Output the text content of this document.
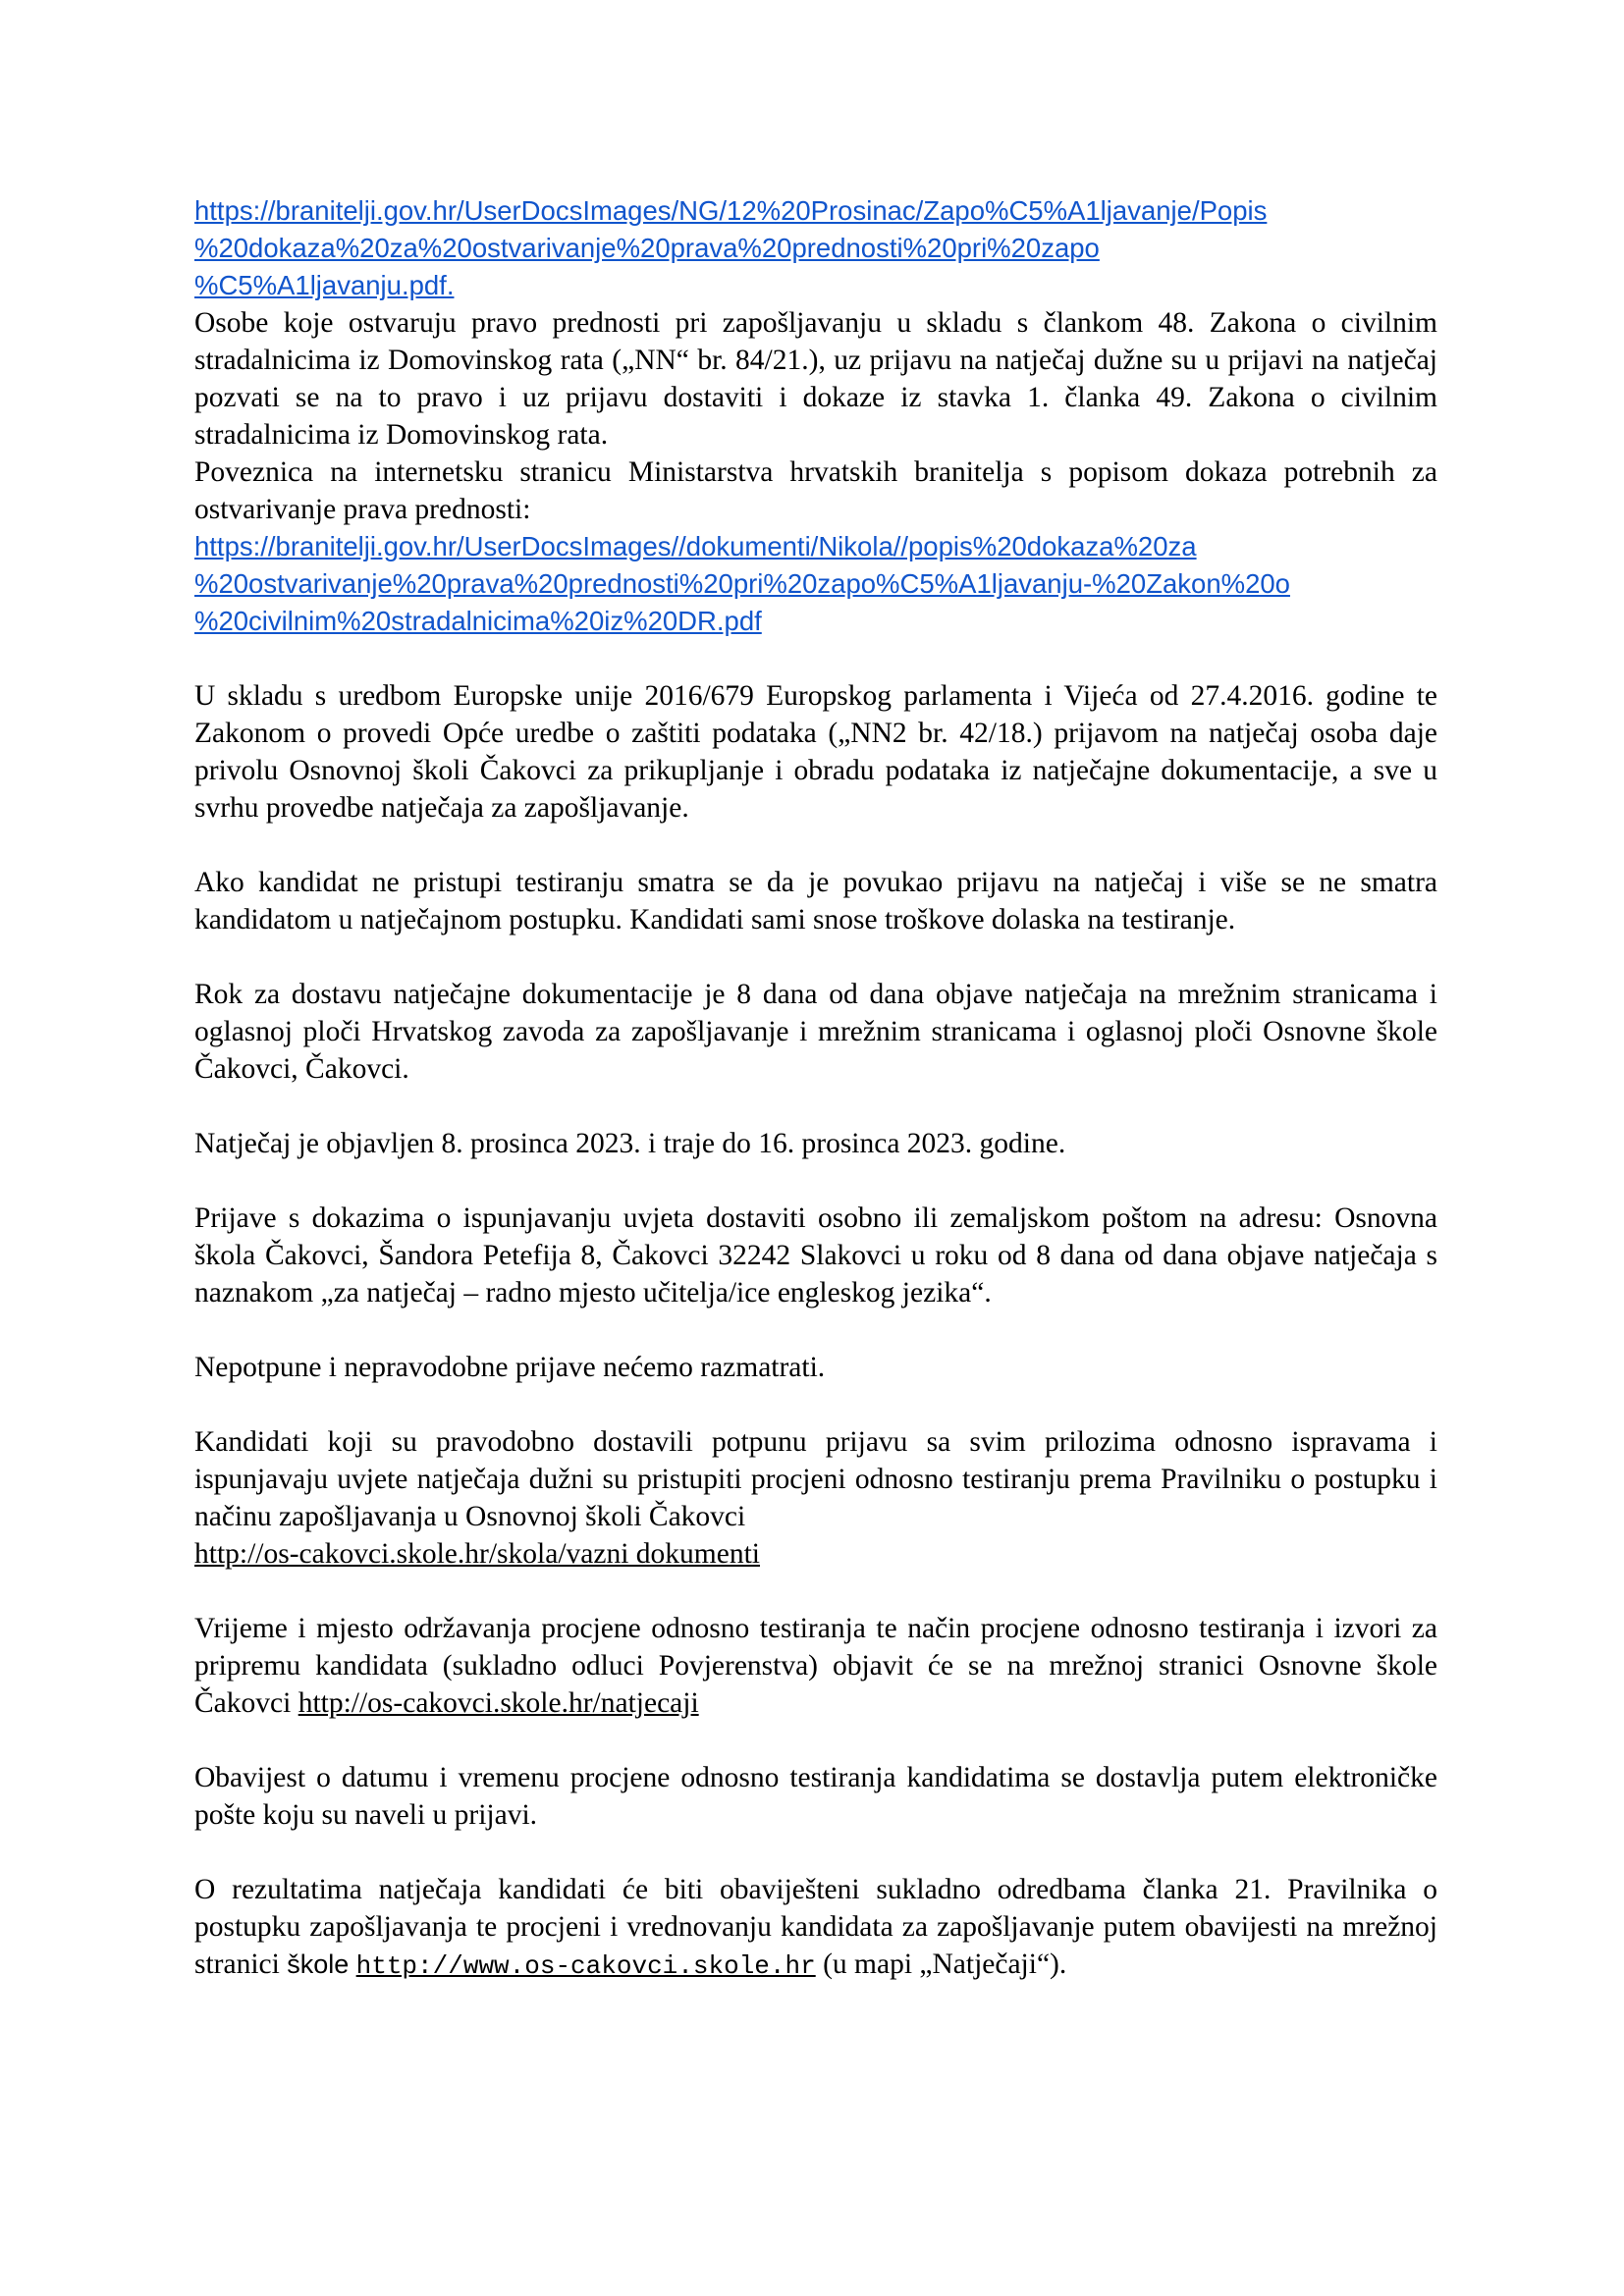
https://branitelji.gov.hr/UserDocsImages/NG/12%20Prosinac/Zapo%C5%A1ljavanje/Popis
%20dokaza%20za%20ostvarivanje%20prava%20prednosti%20pri%20zapo
%C5%A1ljavanju.pdf.

Osobe koje ostvaruju pravo prednosti pri zapošljavanju u skladu s člankom 48. Zakona o civilnim stradalnicima iz Domovinskog rata („NN“ br. 84/21.), uz prijavu na natječaj dužne su u prijavi na natječaj pozvati se na to pravo i uz prijavu dostaviti i dokaze iz stavka 1. članka 49. Zakona o civilnim stradalnicima iz Domovinskog rata.

Poveznica na internetsku stranicu Ministarstva hrvatskih branitelja s popisom dokaza potrebnih za ostvarivanje prava prednosti:

https://branitelji.gov.hr/UserDocsImages//dokumenti/Nikola//popis%20dokaza%20za
%20ostvarivanje%20prava%20prednosti%20pri%20zapo%C5%A1ljavanju-%20Zakon%20o
%20civilnim%20stradalnicima%20iz%20DR.pdf

U skladu s uredbom Europske unije 2016/679 Europskog parlamenta i Vijeća od 27.4.2016. godine te Zakonom o provedi Opće uredbe o zaštiti podataka („NN2 br. 42/18.) prijavom na natječaj osoba daje privolu Osnovnoj školi Čakovci za prikupljanje i obradu podataka iz natječajne dokumentacije, a sve u svrhu provedbe natječaja za zapošljavanje.

Ako kandidat ne pristupi testiranju smatra se da je povukao prijavu na natječaj i više se ne smatra kandidatom u natječajnom postupku. Kandidati sami snose troškove dolaska na testiranje.

Rok za dostavu natječajne dokumentacije je 8 dana od dana objave natječaja na mrežnim stranicama i oglasnoj ploči Hrvatskog zavoda za zapošljavanje i mrežnim stranicama i oglasnoj ploči Osnovne škole Čakovci, Čakovci.

Natječaj je objavljen 8. prosinca 2023. i traje do 16. prosinca 2023. godine.

Prijave s dokazima o ispunjavanju uvjeta dostaviti osobno ili zemaljskom poštom na adresu: Osnovna škola Čakovci, Šandora Petefija 8, Čakovci 32242 Slakovci u roku od 8 dana od dana objave natječaja s naznakom „za natječaj – radno mjesto učitelja/ice engleskog jezika“.

Nepotpune i nepravodobne prijave nećemo razmatrati.

Kandidati koji su pravodobno dostavili potpunu prijavu sa svim prilozima odnosno ispravama i ispunjavaju uvjete natječaja dužni su pristupiti procjeni odnosno testiranju prema Pravilniku o postupku i načinu zapošljavanja u Osnovnoj školi Čakovci
http://os-cakovci.skole.hr/skola/vazni dokumenti

Vrijeme i mjesto održavanja procjene odnosno testiranja te način procjene odnosno testiranja i izvori za pripremu kandidata (sukladno odluci Povjerenstva) objavit će se na mrežnoj stranici Osnovne škole Čakovci http://os-cakovci.skole.hr/natjecaji

Obavijest o datumu i vremenu procjene odnosno testiranja kandidatima se dostavlja putem elektroničke pošte koju su naveli u prijavi.

O rezultatima natječaja kandidati će biti obaviješteni sukladno odredbama članka 21. Pravilnika o postupku zapošljavanja te procjeni i vrednovanju kandidata za zapošljavanje putem obavijesti na mrežnoj stranici škole http://www.os-cakovci.skole.hr (u mapi „Natječaji“).
